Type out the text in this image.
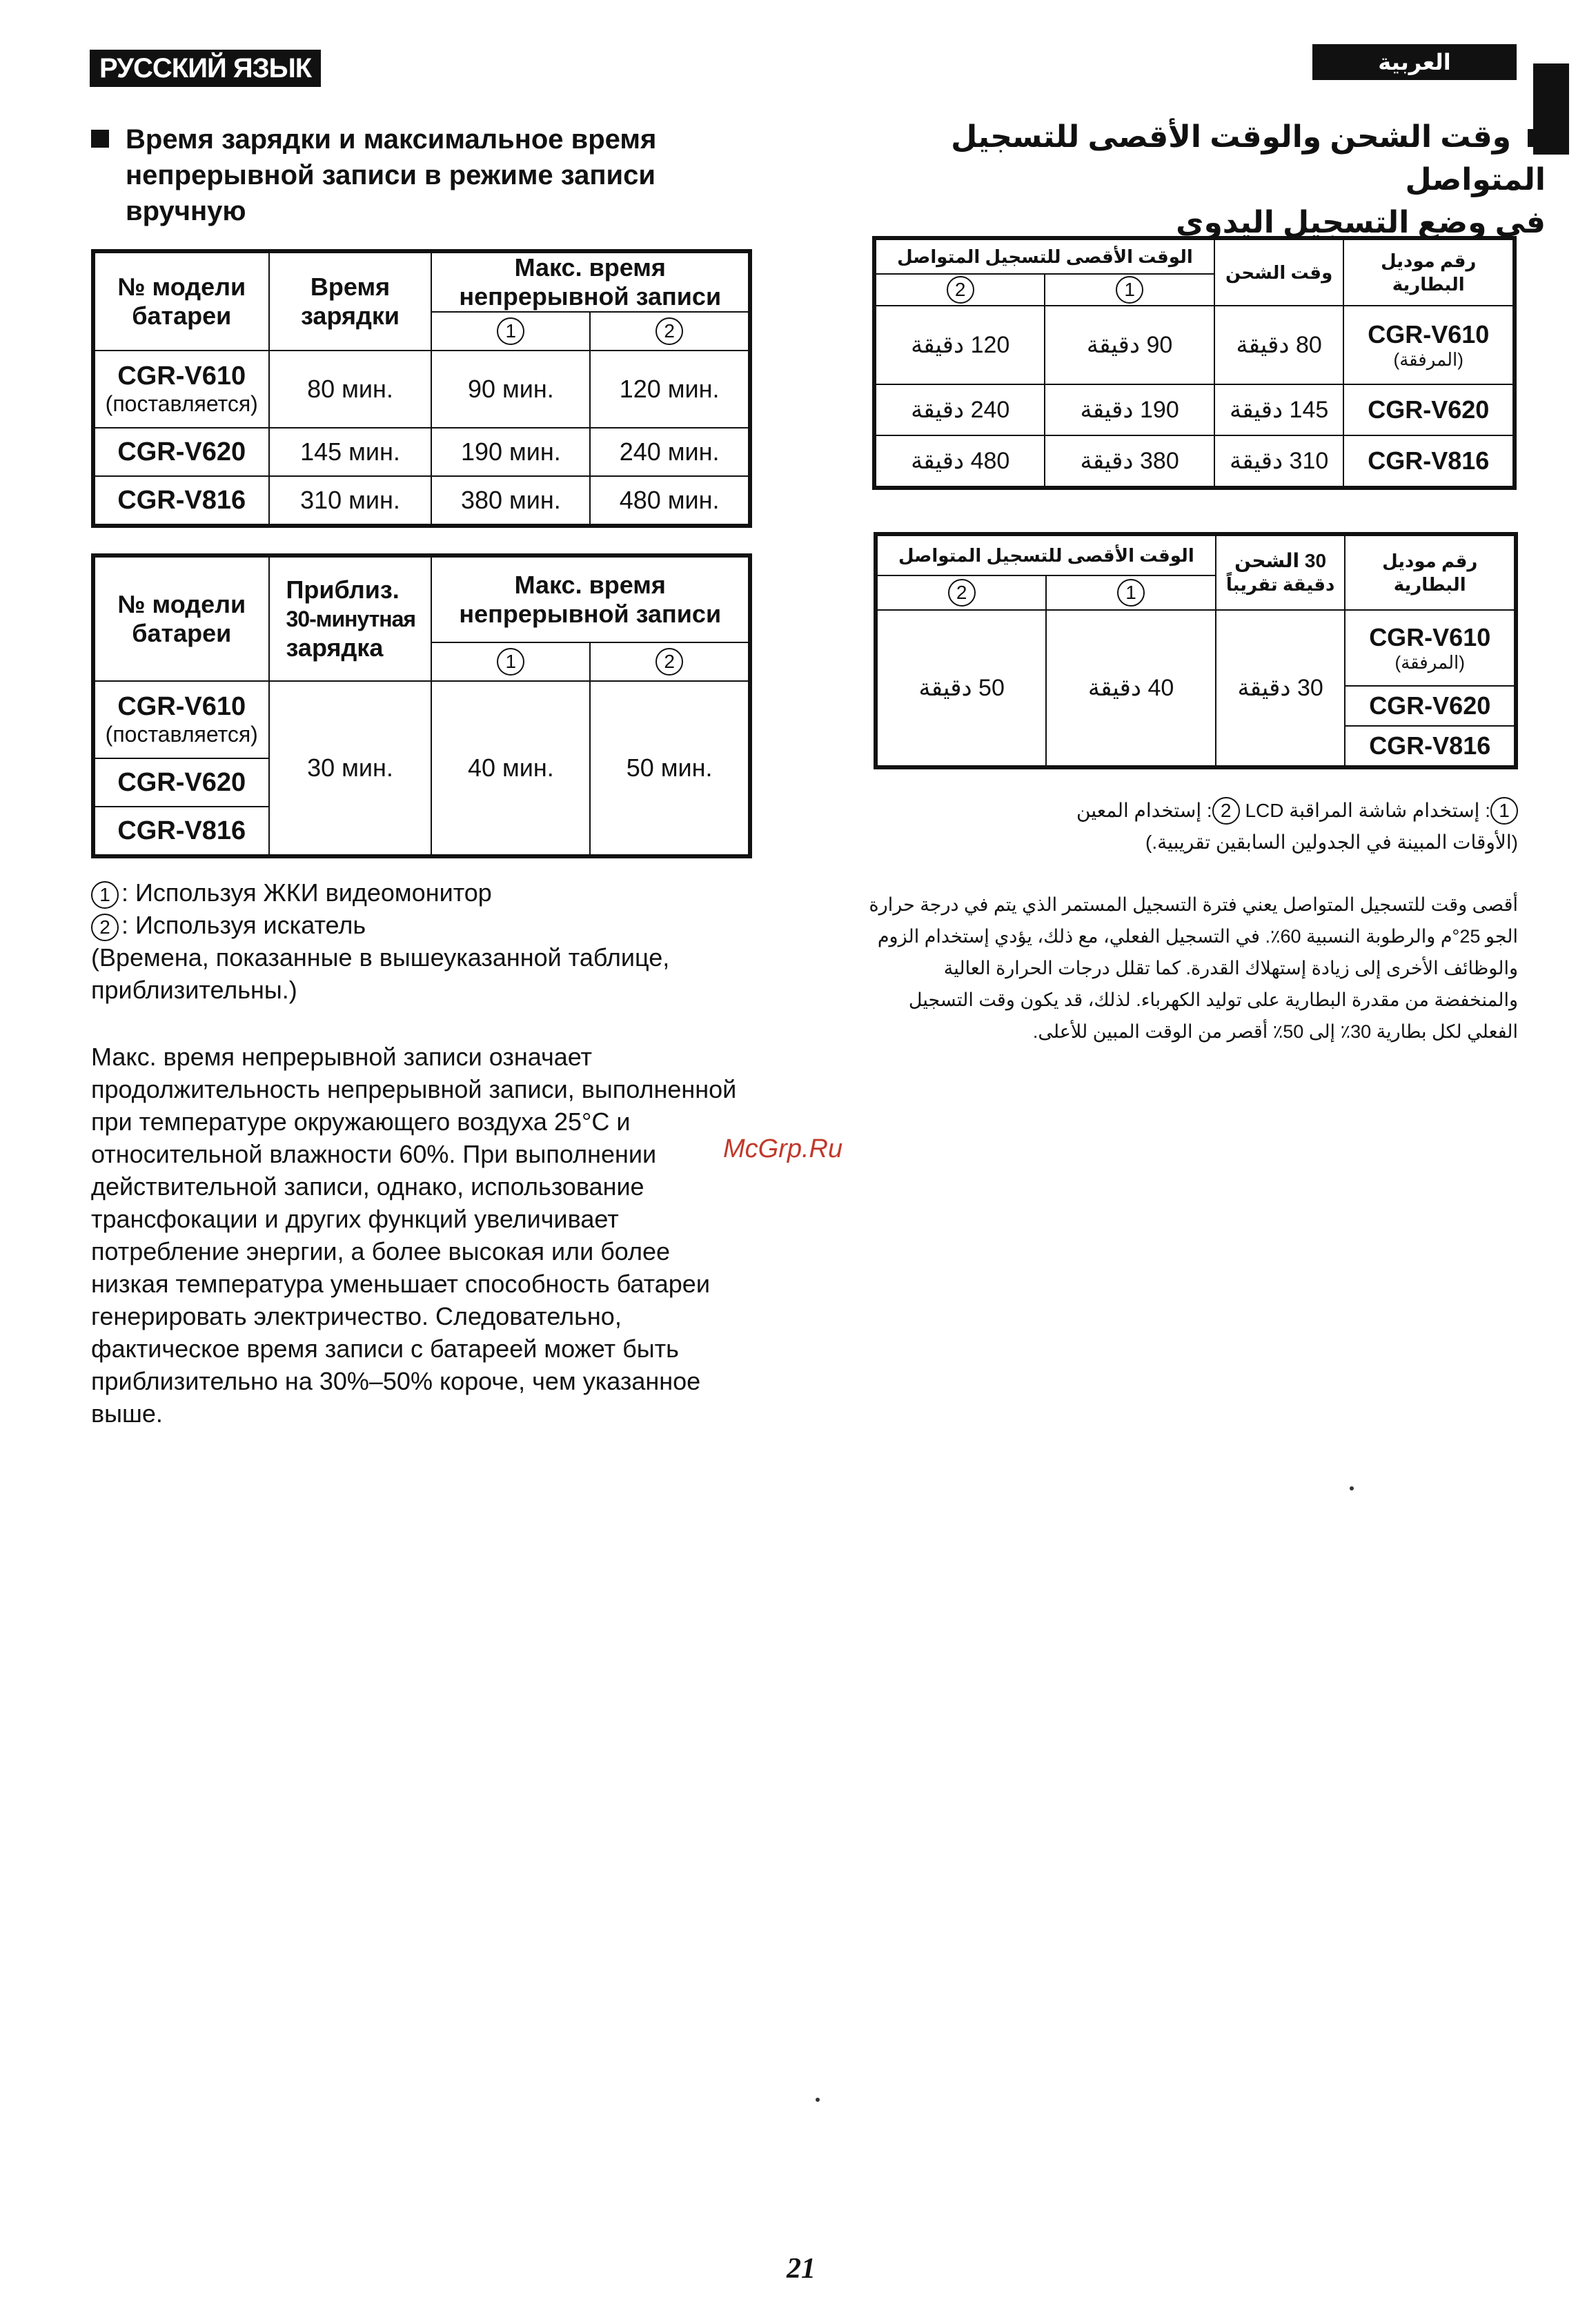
РУССКИЙ ЯЗЫК	العربية
Время зарядки и максимальное время непрерывной записи в режиме записи вручную
وقت الشحن والوقت الأقصى للتسجيل المتواصل
في وضع التسجيل اليدوي
№ модели батареи	Время зарядки	Макс. время непрерывной записи	
		1	2

CGR-V610
(поставляется)	80 мин.	90 мин.	120 мин.
CGR-V620	145 мин.	190 мин.	240 мин.
CGR-V816	310 мин.	380 мин.	480 мин.
№ модели батареи	Приблиз.
30-минутная
зарядка	Макс. время непрерывной записи	
		1	2

CGR-V610
(поставляется)	30 мин.	40 мин.	50 мин.
CGR-V620			
CGR-V816			
1 : Используя ЖКИ видеомонитор
2 : Используя искатель
(Времена, показанные в вышеуказанной таблице, приблизительны.)
Макс. время непрерывной записи означает продолжительность непрерывной записи, выполненной при температуре окружающего воздуха 25°C и относительной влажности 60%. При выполнении действительной записи, однако, использование трансфокации и других функций увеличивает потребление энергии, а более высокая или более низкая температура уменьшает способность батареи генерировать электричество. Следовательно, фактическое время записи с батареей может быть приблизительно на 30%–50% короче, чем указанное выше.
الوقت الأقصى للتسجيل المتواصل		وقت الشحن	رقم موديل البطارية
2	1		
120 دقيقة	90 دقيقة	80 دقيقة	CGR-V610
(المرفقة)

240 دقيقة	190 دقيقة	145 دقيقة	CGR-V620
480 دقيقة	380 دقيقة	310 دقيقة	CGR-V816
الوقت الأقصى للتسجيل المتواصل		30 الشحن
دقيقة تقريباً	رقم موديل البطارية
2	1		
50 دقيقة	40 دقيقة	30 دقيقة	CGR-V610
(المرفقة)

			CGR-V620
			CGR-V816
1: إستخدام شاشة المراقبة LCD 2: إستخدام المعين
(الأوقات المبينة في الجدولين السابقين تقريبية.)
أقصى وقت للتسجيل المتواصل يعني فترة التسجيل المستمر الذي يتم في درجة حرارة الجو 25°م والرطوبة النسبية 60٪. في التسجيل الفعلي، مع ذلك، يؤدي إستخدام الزوم والوظائف الأخرى إلى زيادة إستهلاك القدرة. كما تقلل درجات الحرارة العالية والمنخفضة من مقدرة البطارية على توليد الكهرباء. لذلك، قد يكون وقت التسجيل الفعلي لكل بطارية 30٪ إلى 50٪ أقصر من الوقت المبين للأعلى.
McGrp.Ru
21
